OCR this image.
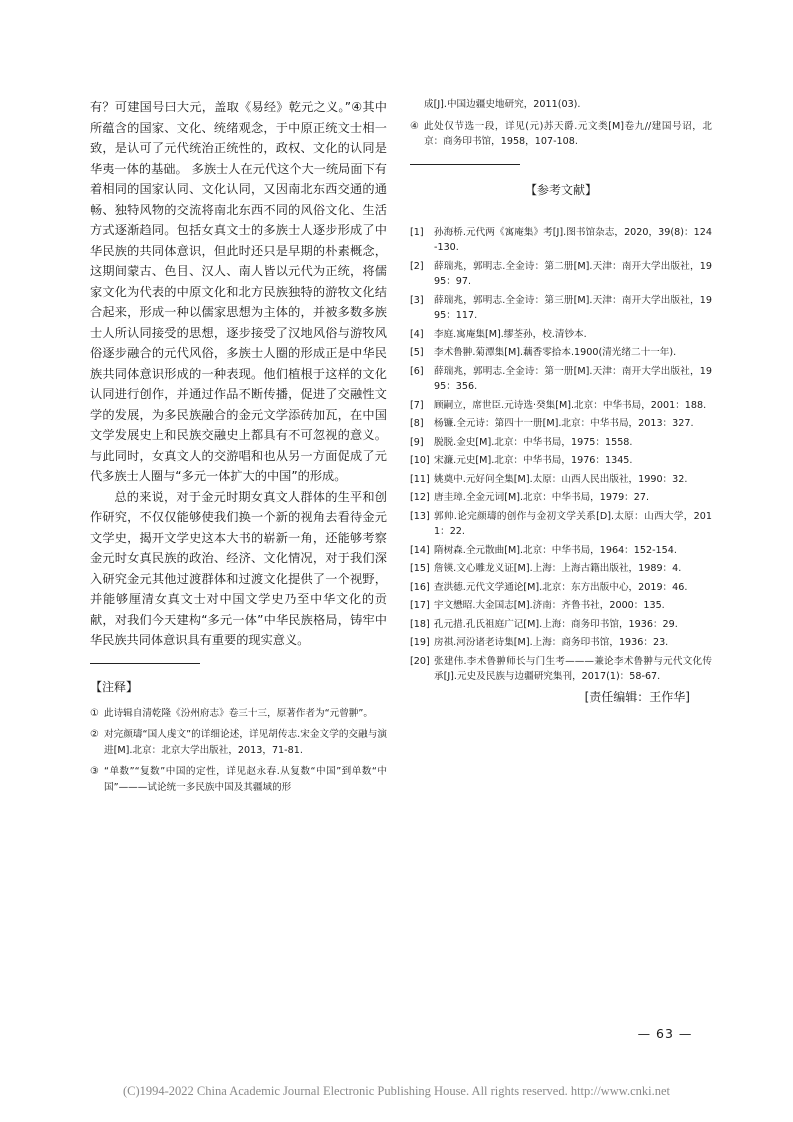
有？可建国号曰大元，盖取《易经》乾元之义。”④其中所蕴含的国家、文化、统绪观念，于中原正统文士相一致，是认可了元代统治正统性的，政权、文化的认同是华夷一体的基础。 多族士人在元代这个大一统局面下有着相同的国家认同、文化认同，又因南北东西交通的通畅、独特风物的交流将南北东西不同的风俗文化、生活方式逐渐趋同。包括女真文士的多族士人逐步形成了中华民族的共同体意识，但此时还只是早期的朴素概念，这期间蒙古、色目、汉人、南人皆以元代为正统，将儒家文化为代表的中原文化和北方民族独特的游牧文化结合起来，形成一种以儒家思想为主体的，并被多数多族士人所认同接受的思想，逐步接受了汉地风俗与游牧风俗逐步融合的元代风俗，多族士人圈的形成正是中华民族共同体意识形成的一种表现。他们植根于这样的文化认同进行创作，并通过作品不断传播，促进了交融性文学的发展，为多民族融合的金元文学添砖加瓦，在中国文学发展史上和民族交融史上都具有不可忽视的意义。与此同时，女真文人的交游唱和也从另一方面促成了元代多族士人圈与“多元一体扩大的中国”的形成。

总的来说，对于金元时期女真文人群体的生平和创作研究，不仅仅能够使我们换一个新的视角去看待金元文学史，揭开文学史这本大书的崭新一角，还能够考察金元时女真民族的政治、经济、文化情况，对于我们深入研究金元其他过渡群体和过渡文化提供了一个视野，并能够厘清女真文士对中国文学史乃至中华文化的贡献，对我们今天建构“多元一体”中华民族格局，铸牢中华民族共同体意识具有重要的现实意义。

【注释】
① 此诗辑自清乾隆《汾州府志》卷三十三，原著作者为“元曾翀”。
② 对完颜璹“国人虔文”的详细论述，详见胡传志.宋金文学的交融与演进[M].北京：北京大学出版社，2013，71-81.
③ “单数”“复数”中国的定性，详见赵永春.从复数“中国”到单数“中国”———试论统一多民族中国及其疆域的形
成[J].中国边疆史地研究，2011(03).
④ 此处仅节选一段，详见(元)苏天爵.元文类[M]卷九//建国号诏，北京：商务印书馆，1958，107-108.
【参考文献】
[1]	孙海桥.元代两《寓庵集》考[J].图书馆杂志，2020，39(8)：124-130.
[2]	薛瑞兆，郭明志.全金诗：第二册[M].天津：南开大学出版社，1995：97.
[3]	薛瑞兆，郭明志.全金诗：第三册[M].天津：南开大学出版社，1995：117.
[4]	李庭.寓庵集[M].缪荃孙，校.清钞本.
[5]	李术鲁翀.菊潭集[M].藕香零拾本.1900(清光绪二十一年).
[6]	薛瑞兆，郭明志.全金诗：第一册[M].天津：南开大学出版社，1995：356.
[7]	顾嗣立，席世臣.元诗选·癸集[M].北京：中华书局，2001：188.
[8]	杨镰.全元诗：第四十一册[M].北京：中华书局，2013：327.
[9]	脱脱.金史[M].北京：中华书局，1975：1558.
[10] 宋濂.元史[M].北京：中华书局，1976：1345.
[11] 姚奠中.元好问全集[M].太原：山西人民出版社，1990：32.
[12] 唐圭璋.全金元词[M].北京：中华书局，1979：27.
[13] 郭帅.论完颜璹的创作与金初文学关系[D].太原：山西大学，2011：22.
[14] 隋树森.全元散曲[M].北京：中华书局，1964：152-154.
[15] 詹锳.文心雕龙义证[M].上海：上海古籍出版社，1989：4.
[16] 查洪德.元代文学通论[M].北京：东方出版中心，2019：46.
[17] 宇文懋昭.大金国志[M].济南：齐鲁书社，2000：135.
[18] 孔元措.孔氏祖庭广记[M].上海：商务印书馆，1936：29.
[19] 房祺.河汾诸老诗集[M].上海：商务印书馆，1936：23.
[20] 张建伟.李术鲁翀师长与门生考———兼论李术鲁翀与元代文化传承[J].元史及民族与边疆研究集刊，2017(1)：58-67.
[责任编辑：王作华]
— 63 —
(C)1994-2022 China Academic Journal Electronic Publishing House. All rights reserved. http://www.cnki.net
